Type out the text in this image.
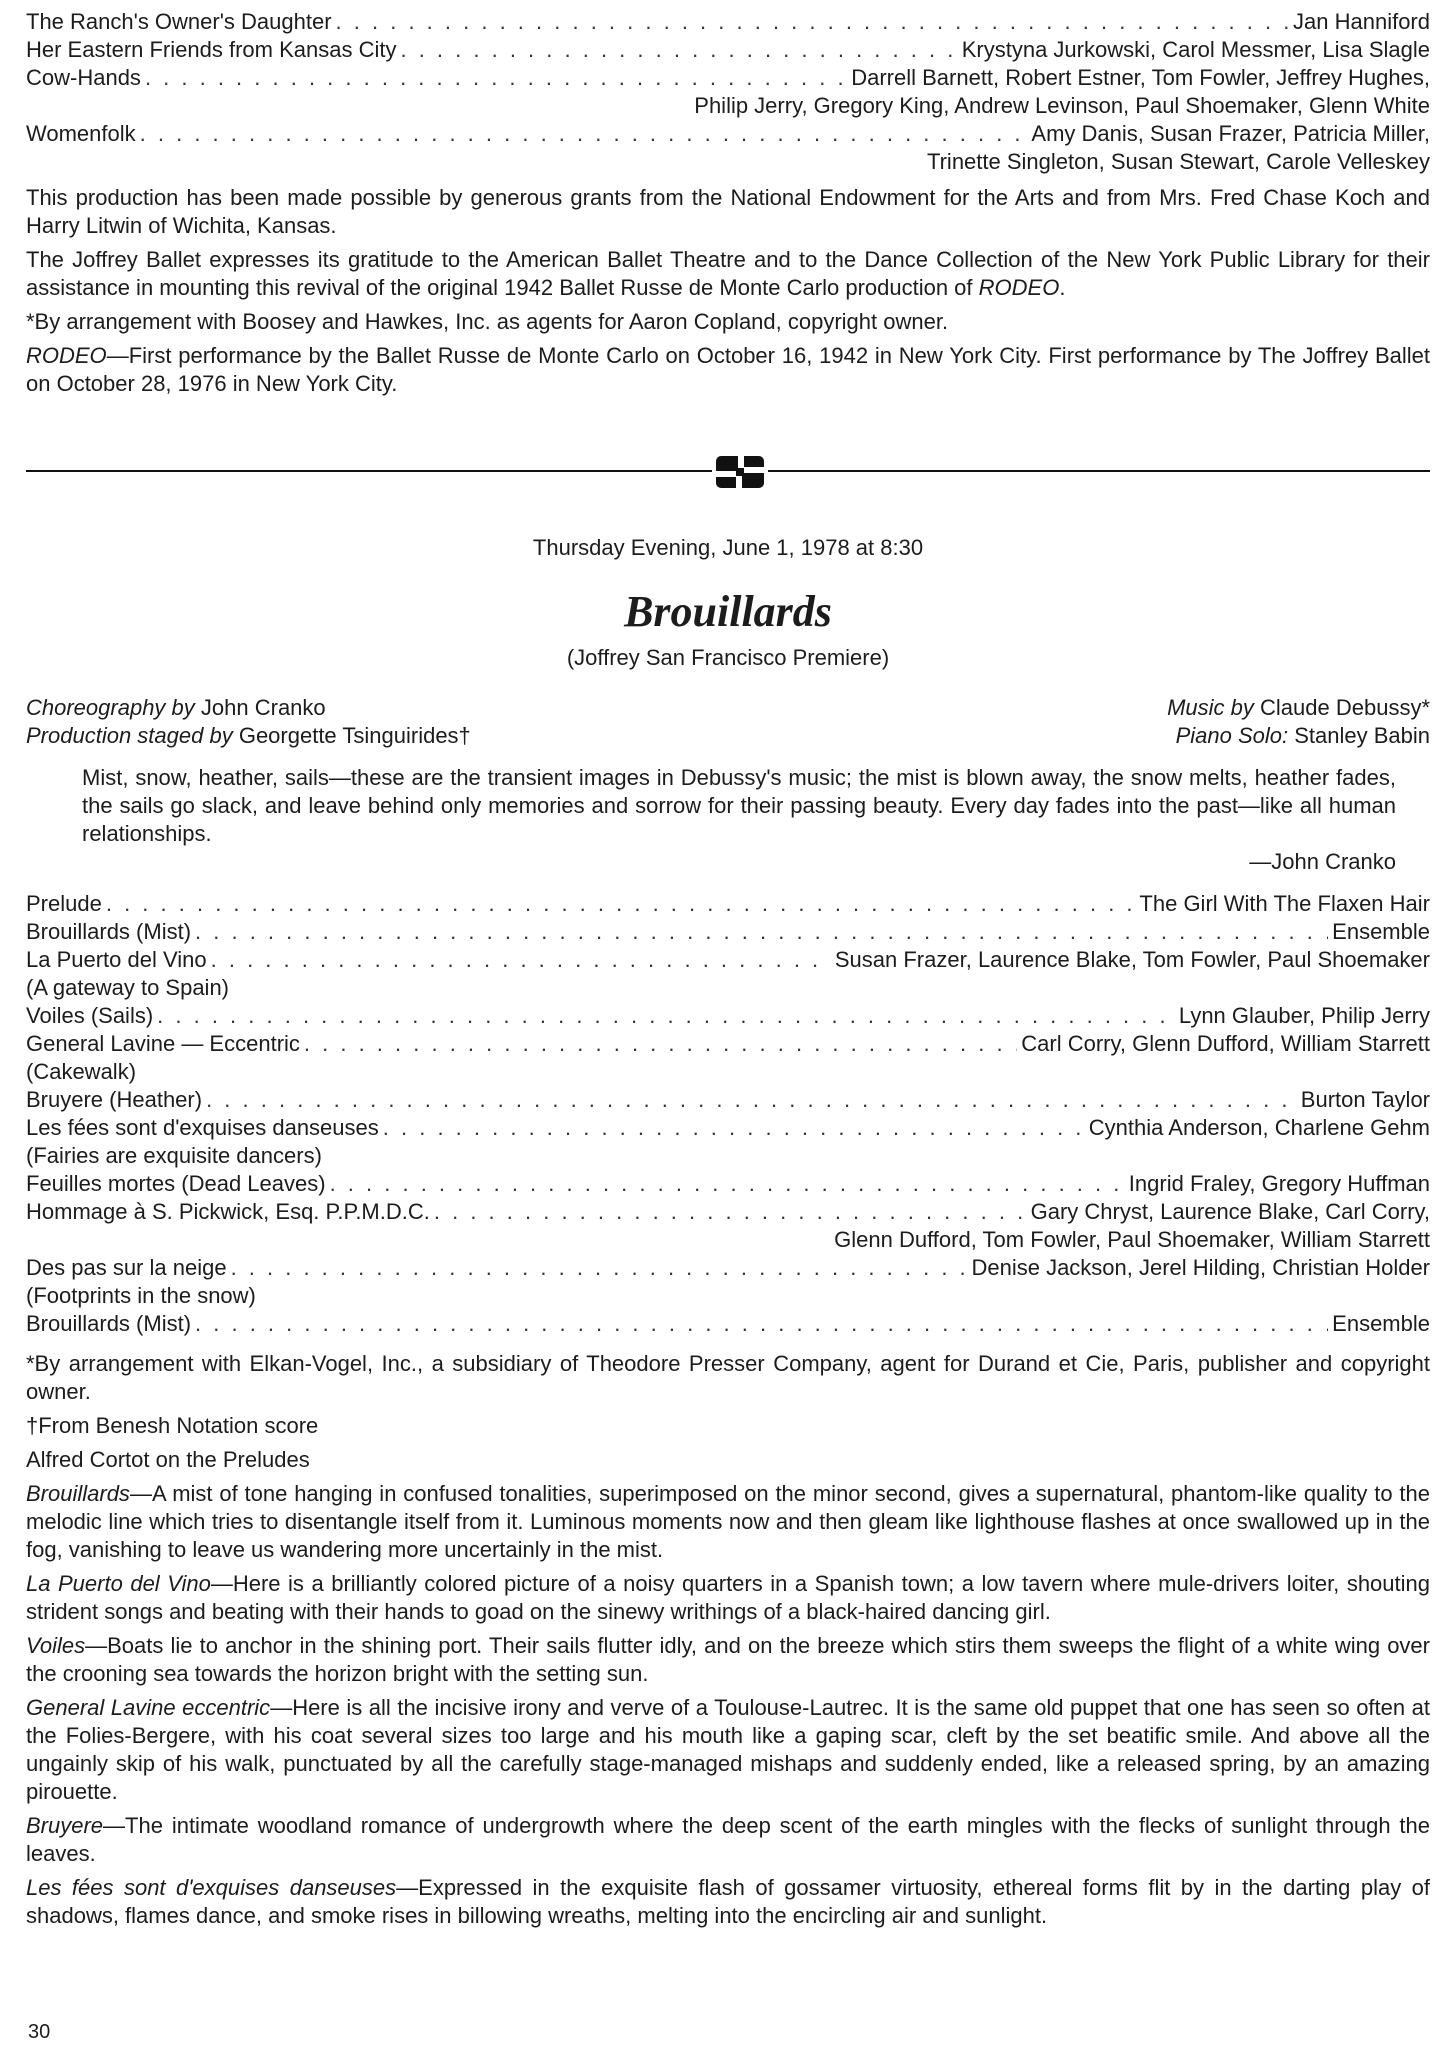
The Ranch's Owner's Daughter . . .	Jan Hanniford
Her Eastern Friends from Kansas City . . .	Krystyna Jurkowski, Carol Messmer, Lisa Slagle
Cow-Hands . . .	Darrell Barnett, Robert Estner, Tom Fowler, Jeffrey Hughes,
Philip Jerry, Gregory King, Andrew Levinson, Paul Shoemaker, Glenn White
Womenfolk . . .	Amy Danis, Susan Frazer, Patricia Miller,
Trinette Singleton, Susan Stewart, Carole Velleskey

This production has been made possible by generous grants from the National Endowment for the Arts and from Mrs. Fred Chase Koch and Harry Litwin of Wichita, Kansas.

The Joffrey Ballet expresses its gratitude to the American Ballet Theatre and to the Dance Collection of the New York Public Library for their assistance in mounting this revival of the original 1942 Ballet Russe de Monte Carlo production of RODEO.

*By arrangement with Boosey and Hawkes, Inc. as agents for Aaron Copland, copyright owner.

RODEO—First performance by the Ballet Russe de Monte Carlo on October 16, 1942 in New York City. First performance by The Joffrey Ballet on October 28, 1976 in New York City.

Thursday Evening, June 1, 1978 at 8:30
Brouillards
(Joffrey San Francisco Premiere)
Choreography by John Cranko
Production staged by Georgette Tsinguirides†
Music by Claude Debussy*
Piano Solo: Stanley Babin
Mist, snow, heather, sails—these are the transient images in Debussy's music; the mist is blown away, the snow melts, heather fades, the sails go slack, and leave behind only memories and sorrow for their passing beauty. Every day fades into the past—like all human relationships.
—John Cranko
Prelude . . .	The Girl With The Flaxen Hair
Brouillards (Mist) . . .	Ensemble
La Puerto del Vino . . .	Susan Frazer, Laurence Blake, Tom Fowler, Paul Shoemaker
(A gateway to Spain)
Voiles (Sails) . . .	Lynn Glauber, Philip Jerry
General Lavine — Eccentric . . .	Carl Corry, Glenn Dufford, William Starrett
(Cakewalk)
Bruyere (Heather) . . .	Burton Taylor
Les fées sont d'exquises danseuses . . .	Cynthia Anderson, Charlene Gehm
(Fairies are exquisite dancers)
Feuilles mortes (Dead Leaves) . . .	Ingrid Fraley, Gregory Huffman
Hommage à S. Pickwick, Esq. P.P.M.D.C. . . .	Gary Chryst, Laurence Blake, Carl Corry,
Glenn Dufford, Tom Fowler, Paul Shoemaker, William Starrett
Des pas sur la neige . . .	Denise Jackson, Jerel Hilding, Christian Holder
(Footprints in the snow)
Brouillards (Mist) . . .	Ensemble

*By arrangement with Elkan-Vogel, Inc., a subsidiary of Theodore Presser Company, agent for Durand et Cie, Paris, publisher and copyright owner.

†From Benesh Notation score

Alfred Cortot on the Preludes

Brouillards—A mist of tone hanging in confused tonalities, superimposed on the minor second, gives a supernatural, phantom-like quality to the melodic line which tries to disentangle itself from it. Luminous moments now and then gleam like lighthouse flashes at once swallowed up in the fog, vanishing to leave us wandering more uncertainly in the mist.

La Puerto del Vino—Here is a brilliantly colored picture of a noisy quarters in a Spanish town; a low tavern where mule-drivers loiter, shouting strident songs and beating with their hands to goad on the sinewy writhings of a black-haired dancing girl.

Voiles—Boats lie to anchor in the shining port. Their sails flutter idly, and on the breeze which stirs them sweeps the flight of a white wing over the crooning sea towards the horizon bright with the setting sun.

General Lavine eccentric—Here is all the incisive irony and verve of a Toulouse-Lautrec. It is the same old puppet that one has seen so often at the Folies-Bergere, with his coat several sizes too large and his mouth like a gaping scar, cleft by the set beatific smile. And above all the ungainly skip of his walk, punctuated by all the carefully stage-managed mishaps and suddenly ended, like a released spring, by an amazing pirouette.

Bruyere—The intimate woodland romance of undergrowth where the deep scent of the earth mingles with the flecks of sunlight through the leaves.

Les fées sont d'exquises danseuses—Expressed in the exquisite flash of gossamer virtuosity, ethereal forms flit by in the darting play of shadows, flames dance, and smoke rises in billowing wreaths, melting into the encircling air and sunlight.

30
